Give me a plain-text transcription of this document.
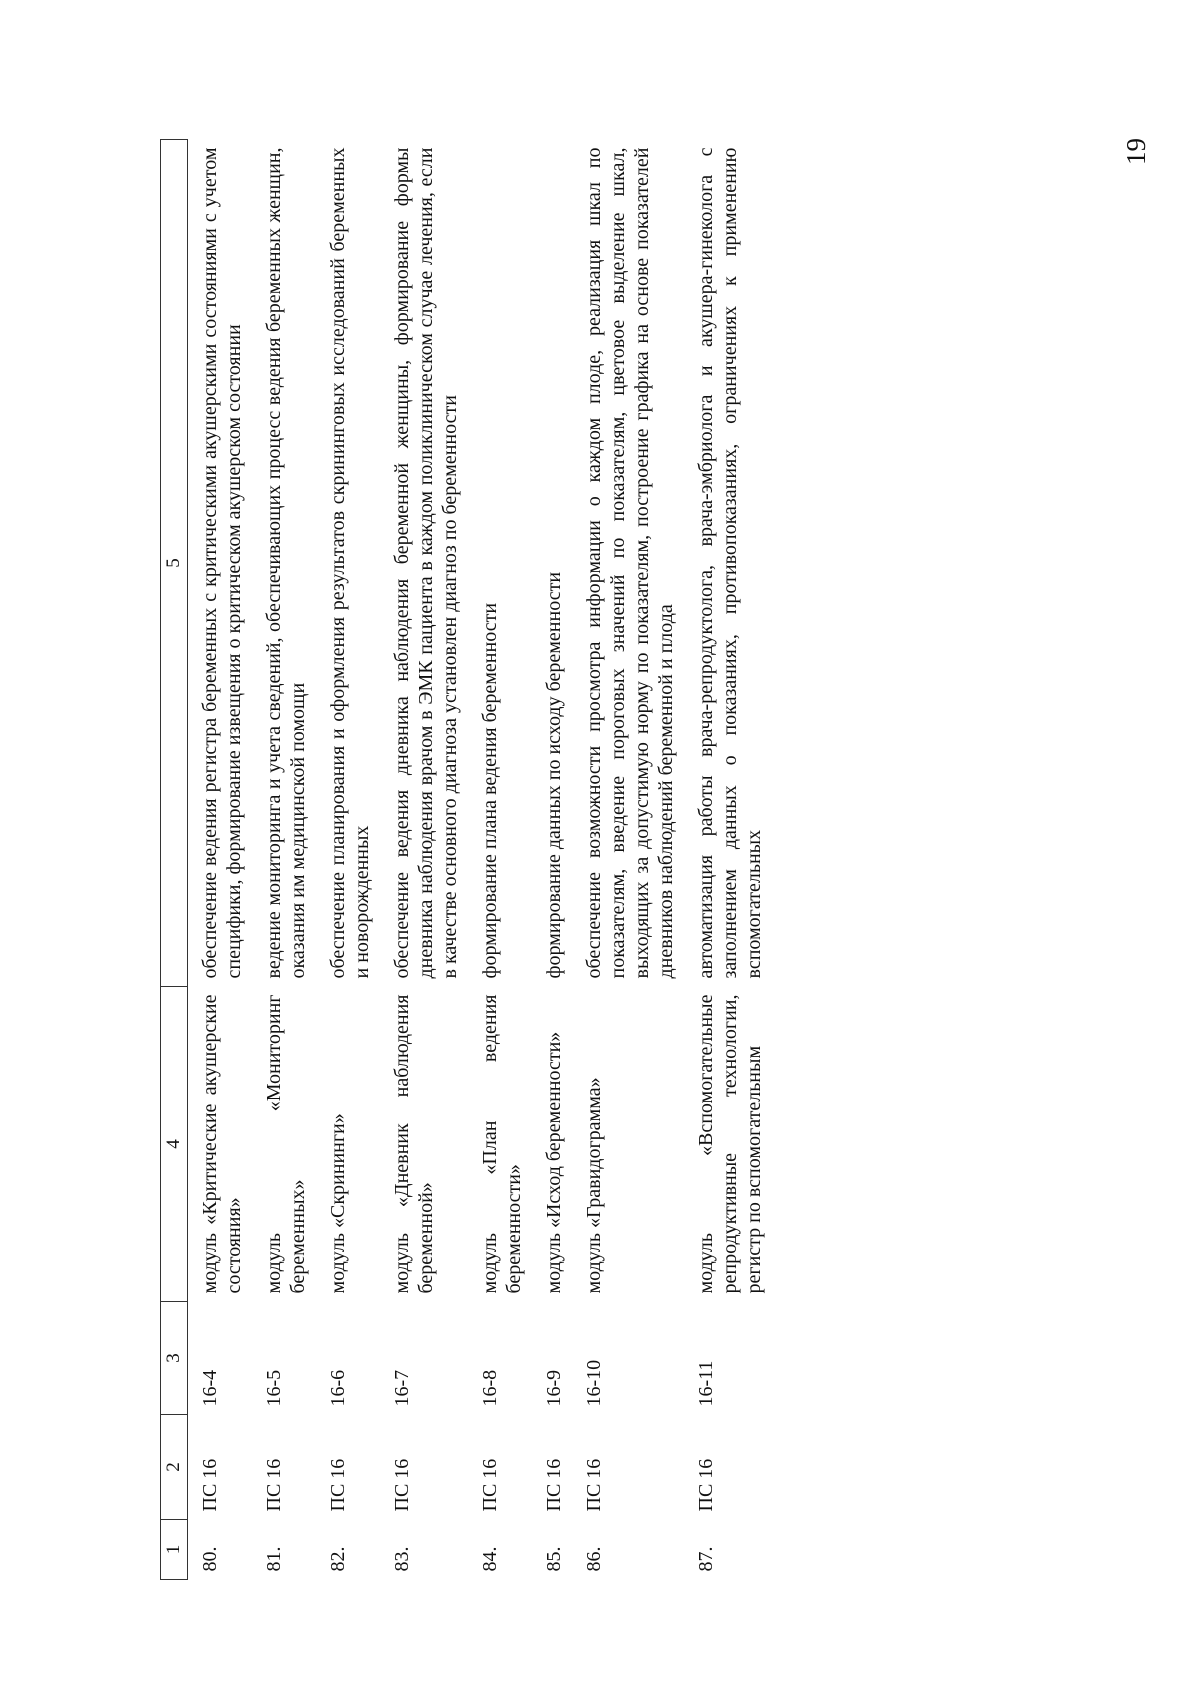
19
1	2	3	4	5
80.	ПС 16	16-4	модуль «Критические акушерские состояния»	обеспечение ведения регистра беременных с критическими акушерскими состояниями с учетом специфики, формирование извещения о критическом акушерском состоянии
81.	ПС 16	16-5	модуль «Мониторинг беременных»	ведение мониторинга и учета сведений, обеспечивающих процесс ведения беременных женщин, оказания им медицинской помощи
82.	ПС 16	16-6	модуль «Скрининги»	обеспечение планирования и оформления результатов скрининговых исследований беременных и новорожденных
83.	ПС 16	16-7	модуль «Дневник наблюдения беременной»	обеспечение ведения дневника наблюдения беременной женщины, формирование формы дневника наблюдения врачом в ЭМК пациента в каждом поликлиническом случае лечения, если в качестве основного диагноза установлен диагноз по беременности
84.	ПС 16	16-8	модуль «План ведения беременности»	формирование плана ведения беременности
85.	ПС 16	16-9	модуль «Исход беременности»	формирование данных по исходу беременности
86.	ПС 16	16-10	модуль «Гравидограмма»	обеспечение возможности просмотра информации о каждом плоде, реализация шкал по показателям, введение пороговых значений по показателям, цветовое выделение шкал, выходящих за допустимую норму по показателям, построение графика на основе показателей дневников наблюдений беременной и плода
87.	ПС 16	16-11	модуль «Вспомогательные репродуктивные технологии, регистр по вспомогательным	автоматизация работы врача-репродуктолога, врача-эмбриолога и акушера-гинеколога с заполнением данных о показаниях, противопоказаниях, ограничениях к применению вспомогательных
